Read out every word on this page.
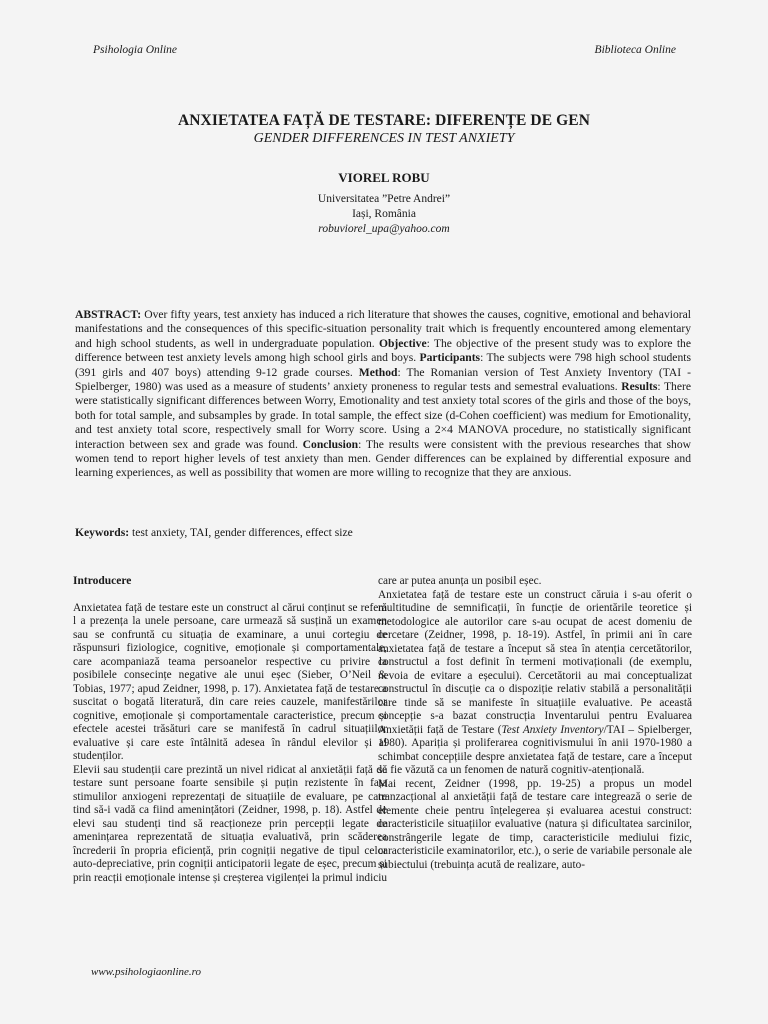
Psihologia Online	Biblioteca Online
ANXIETATEA FAȚĂ DE TESTARE: DIFERENȚE DE GEN
GENDER DIFFERENCES IN TEST ANXIETY
VIOREL ROBU
Universitatea ”Petre Andrei”
Iași, România
robuviorel_upa@yahoo.com
ABSTRACT: Over fifty years, test anxiety has induced a rich literature that showes the causes, cognitive, emotional and behavioral manifestations and the consequences of this specific-situation personality trait which is frequently encountered among elementary and high school students, as well in undergraduate population. Objective: The objective of the present study was to explore the difference between test anxiety levels among high school girls and boys. Participants: The subjects were 798 high school students (391 girls and 407 boys) attending 9-12 grade courses. Method: The Romanian version of Test Anxiety Inventory (TAI - Spielberger, 1980) was used as a measure of students’ anxiety proneness to regular tests and semestral evaluations. Results: There were statistically significant differences between Worry, Emotionality and test anxiety total scores of the girls and those of the boys, both for total sample, and subsamples by grade. In total sample, the effect size (d-Cohen coefficient) was medium for Emotionality, and test anxiety total score, respectively small for Worry score. Using a 2×4 MANOVA procedure, no statistically significant interaction between sex and grade was found. Conclusion: The results were consistent with the previous researches that show women tend to report higher levels of test anxiety than men. Gender differences can be explained by differential exposure and learning experiences, as well as possibility that women are more willing to recognize that they are anxious.
Keywords: test anxiety, TAI, gender differences, effect size
Introducere

Anxietatea față de testare este un construct al cărui conținut se referă l a prezența la unele persoane, care urmează să susțină un examen sau se confruntă cu situația de examinare, a unui cortegiu de răspunsuri fiziologice, cognitive, emoționale și comportamentale, care acompaniază teama persoanelor respective cu privire la posibilele consecințe negative ale unui eșec (Sieber, O’Neil & Tobias, 1977; apud Zeidner, 1998, p. 17). Anxietatea față de testare a suscitat o bogată literatură, din care reies cauzele, manifestărilor cognitive, emoționale și comportamentale caracteristice, precum și efectele acestei trăsături care se manifestă în cadrul situațiilor evaluative și care este întâlnită adesea în rândul elevilor și al studenților.

Elevii sau studenții care prezintă un nivel ridicat al anxietății față de testare sunt persoane foarte sensibile și puțin rezistente în fața stimulilor anxiogeni reprezentați de situațiile de evaluare, pe care tind să-i vadă ca fiind amenințători (Zeidner, 1998, p. 18). Astfel de elevi sau studenți tind să reacționeze prin percepții legate de amenințarea reprezentată de situația evaluativă, prin scăderea încrederii în propria eficiență, prin cogniții negative de tipul celor auto-depreciative, prin cogniții anticipatorii legate de eșec, precum și prin reacții emoționale intense și creșterea vigilenței la primul indiciu

care ar putea anunța un posibil eșec.

Anxietatea față de testare este un construct căruia i s-au oferit o multitudine de semnificații, în funcție de orientările teoretice și metodologice ale autorilor care s-au ocupat de acest domeniu de cercetare (Zeidner, 1998, p. 18-19). Astfel, în primii ani în care anxietatea față de testare a început să stea în atenția cercetătorilor, constructul a fost definit în termeni motivaționali (de exemplu, nevoia de evitare a eșecului). Cercetătorii au mai conceptualizat constructul în discuție ca o dispoziție relativ stabilă a personalității care tinde să se manifeste în situațiile evaluative. Pe această concepție s-a bazat construcția Inventarului pentru Evaluarea Anxietății față de Testare (Test Anxiety Inventory/TAI – Spielberger, 1980). Apariția și proliferarea cognitivismului în anii 1970-1980 a schimbat concepțiile despre anxietatea față de testare, care a început să fie văzută ca un fenomen de natură cognitiv-atențională.

Mai recent, Zeidner (1998, pp. 19-25) a propus un model tranzacțional al anxietății față de testare care integrează o serie de elemente cheie pentru înțelegerea și evaluarea acestui construct: caracteristicile situațiilor evaluative (natura și dificultatea sarcinilor, constrângerile legate de timp, caracteristicile mediului fizic, caracteristicile examinatorilor, etc.), o serie de variabile personale ale subiectului (trebuința acută de realizare, auto-

www.psihologiaonline.ro
